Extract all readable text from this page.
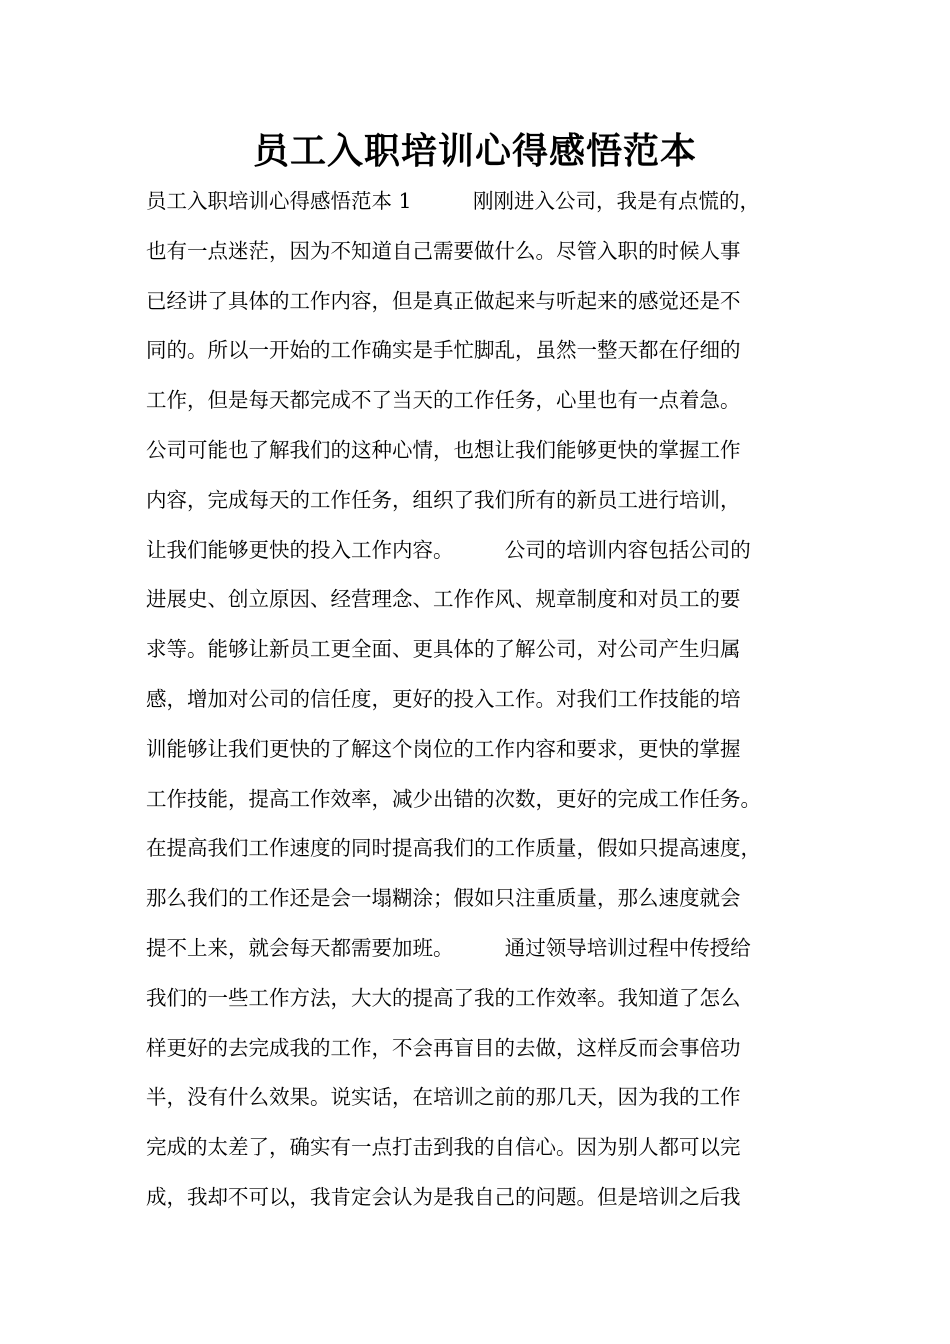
员工入职培训心得感悟范本
员工入职培训心得感悟范本 1　　　刚刚进入公司，我是有点慌的，
也有一点迷茫，因为不知道自己需要做什么。尽管入职的时候人事
已经讲了具体的工作内容，但是真正做起来与听起来的感觉还是不
同的。所以一开始的工作确实是手忙脚乱，虽然一整天都在仔细的
工作，但是每天都完成不了当天的工作任务，心里也有一点着急。
公司可能也了解我们的这种心情，也想让我们能够更快的掌握工作
内容，完成每天的工作任务，组织了我们所有的新员工进行培训，
让我们能够更快的投入工作内容。　　　公司的培训内容包括公司的
进展史、创立原因、经营理念、工作作风、规章制度和对员工的要
求等。能够让新员工更全面、更具体的了解公司，对公司产生归属
感，增加对公司的信任度，更好的投入工作。对我们工作技能的培
训能够让我们更快的了解这个岗位的工作内容和要求，更快的掌握
工作技能，提高工作效率，减少出错的次数，更好的完成工作任务。
在提高我们工作速度的同时提高我们的工作质量，假如只提高速度，
那么我们的工作还是会一塌糊涂；假如只注重质量，那么速度就会
提不上来，就会每天都需要加班。　　　通过领导培训过程中传授给
我们的一些工作方法，大大的提高了我的工作效率。我知道了怎么
样更好的去完成我的工作，不会再盲目的去做，这样反而会事倍功
半，没有什么效果。说实话，在培训之前的那几天，因为我的工作
完成的太差了，确实有一点打击到我的自信心。因为别人都可以完
成，我却不可以，我肯定会认为是我自己的问题。但是培训之后我
